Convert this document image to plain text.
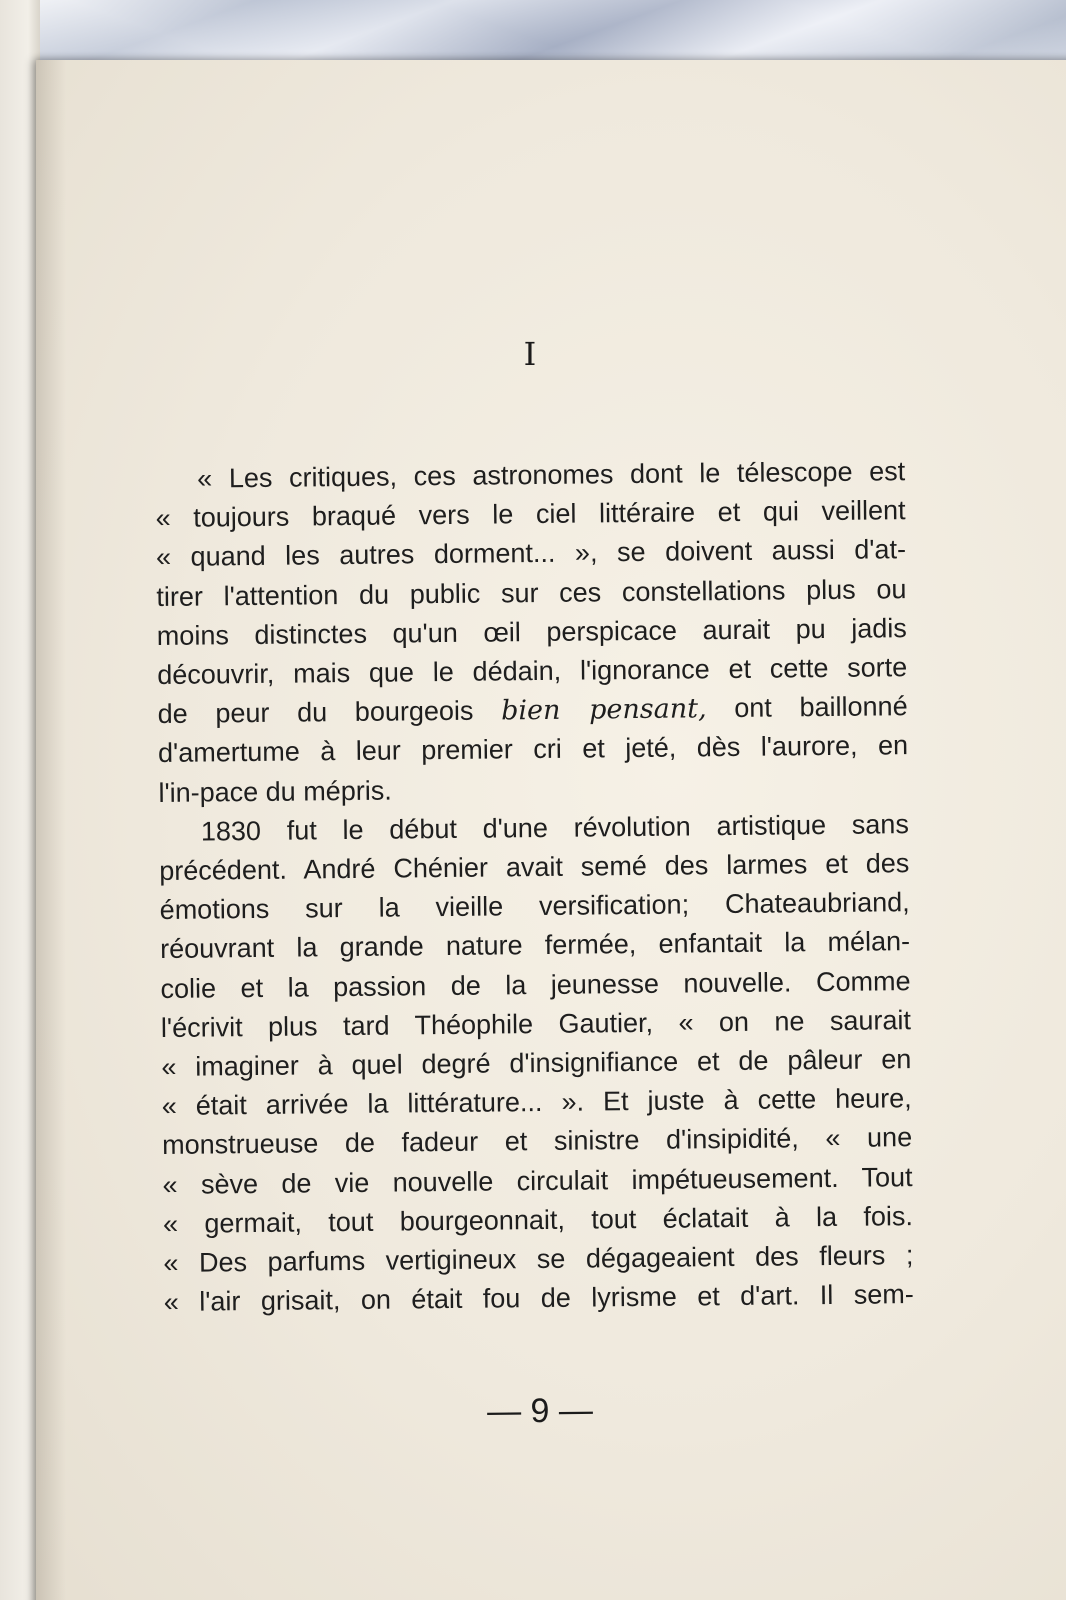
I
« Les critiques, ces astronomes dont le télescope est
« toujours braqué vers le ciel littéraire et qui veillent
« quand les autres dorment... », se doivent aussi d'at-
tirer l'attention du public sur ces constellations plus ou
moins distinctes qu'un œil perspicace aurait pu jadis
découvrir, mais que le dédain, l'ignorance et cette sorte
de peur du bourgeois bien pensant, ont baillonné
d'amertume à leur premier cri et jeté, dès l'aurore, en
l'in-pace du mépris.
1830 fut le début d'une révolution artistique sans
précédent. André Chénier avait semé des larmes et des
émotions sur la vieille versification; Chateaubriand,
réouvrant la grande nature fermée, enfantait la mélan-
colie et la passion de la jeunesse nouvelle. Comme
l'écrivit plus tard Théophile Gautier, « on ne saurait
« imaginer à quel degré d'insignifiance et de pâleur en
« était arrivée la littérature... ». Et juste à cette heure,
monstrueuse de fadeur et sinistre d'insipidité, « une
« sève de vie nouvelle circulait impétueusement. Tout
« germait, tout bourgeonnait, tout éclatait à la fois.
« Des parfums vertigineux se dégageaient des fleurs ;
« l'air grisait, on était fou de lyrisme et d'art. Il sem-
— 9 —
